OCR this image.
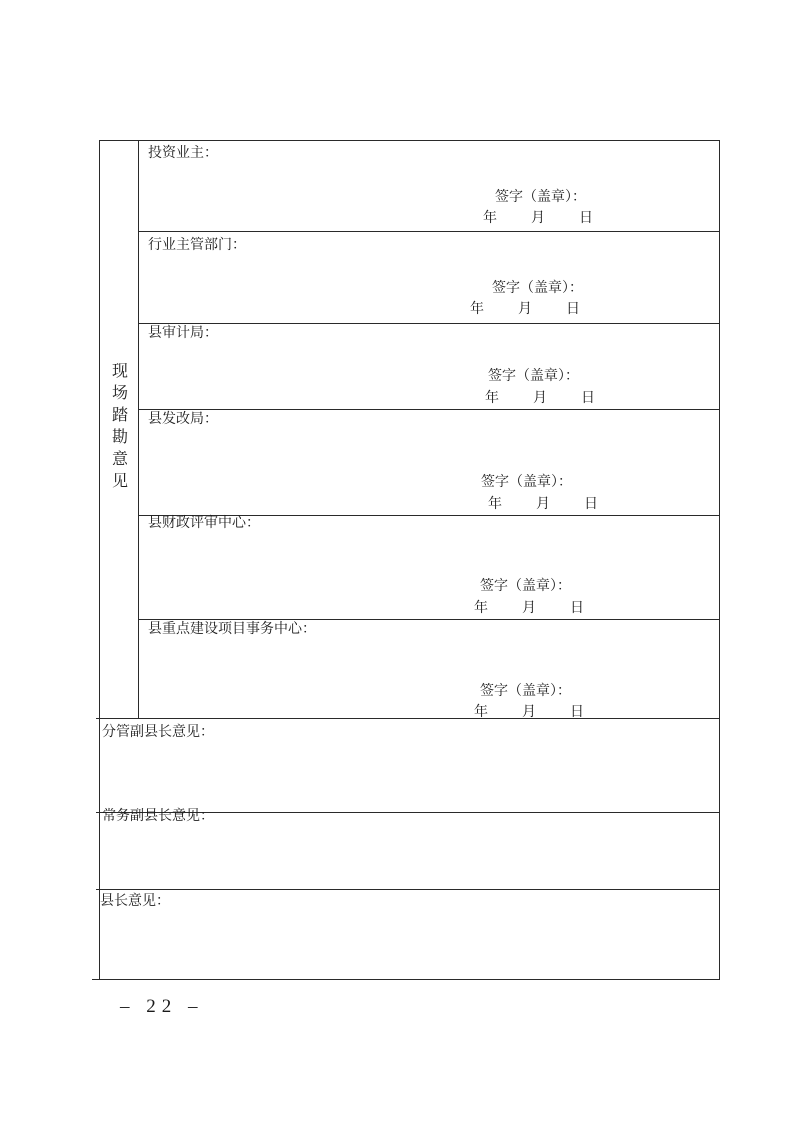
现场踏勘意见
投资业主：
签字（盖章）：
年 月 日
行业主管部门：
签字（盖章）：
年 月 日
县审计局：
签字（盖章）：
年 月 日
县发改局：
签字（盖章）：
年 月 日
县财政评审中心：
签字（盖章）：
年 月 日
县重点建设项目事务中心：
签字（盖章）：
年 月 日
分管副县长意见：
常务副县长意见：
县长意见：
– 22 –
